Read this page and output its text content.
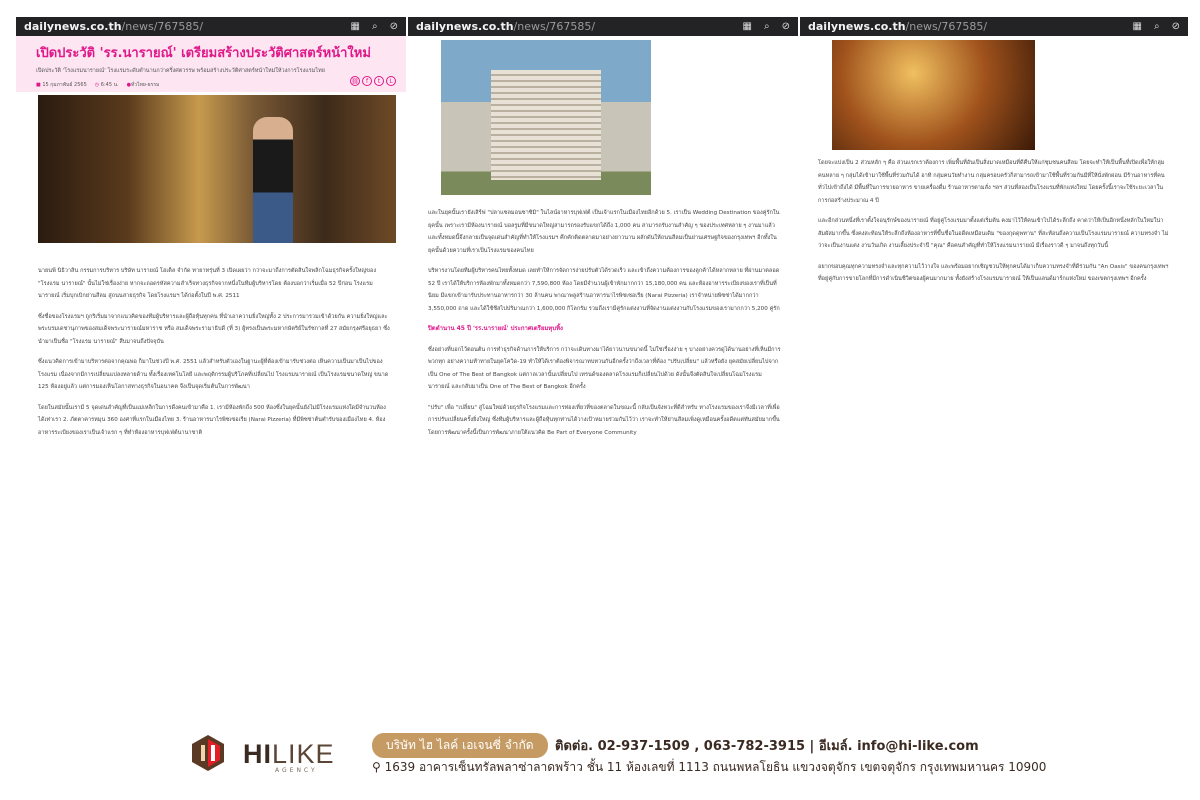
dailynews.co.th /news/767585/	▦ ⌕ ⊘
เปิดประวัติ 'รร.นารายณ์' เตรียมสร้างประวัติศาสตร์หน้าใหม่
เปิดประวัติ 'โรงแรมนารายณ์' โรงแรมระดับตำนานกว่าครึ่งศตวรรษ พร้อมสร้างประวัติศาสตร์หน้าใหม่ให้วงการโรงแรมไทย
■ 15 กุมภาพันธ์ 2565 ◷ 6:45 น. ●ทั่วไทย-ธรรม
⛓	f	t	L

นายนพี นิธิวาสิน กรรมการบริหาร บริษัท นารายณ์ โฮเต็ล จำกัด ทายาทรุ่นที่ 3 เปิดเผยว่า กว่าจะมาถึงการตัดสินใจพลิกโฉมธุรกิจครั้งใหญ่ของ "โรงแรม นารายณ์" นั้นไม่ใช่เรื่องง่าย หากจะถอดรหัสความสำเร็จทางธุรกิจจากหนึ่งในทีมผู้บริหารโดย ต้องบอกว่าเริ่มเมื่อ 52 ปีก่อน โรงแรมนารายณ์ เริ่มบุกเบิกย่านสีลม สู่ถนนสายธุรกิจ โดยโรงแรมฯ ได้ก่อตั้งในปี พ.ศ. 2511

ซึ่งชื่อของโรงแรมฯ ถูกริเริ่มมาจากแนวคิดของทีมผู้บริหารและผู้ถือหุ้นทุกคน ที่นำเอาความยิ่งใหญ่ทั้ง 2 ประการมารวมเข้าด้วยกัน ความยิ่งใหญ่และพระบรมเดชานุภาพของสมเด็จพระนารายณ์มหาราช หรือ สมเด็จพระรามาธิบดี (ที่ 3) ผู้ทรงเป็นพระมหากษัตริย์ในรัชกาลที่ 27 สมัยกรุงศรีอยุธยา ซึ่งนำมาเป็นชื่อ "โรงแรม นารายณ์" สืบมาจนถึงปัจจุบัน

ซึ่งแนวคิดการเข้ามาบริหารต่อจากคุณพ่อ ก็มาในช่วงปี พ.ศ. 2551 แล้วสำหรับตัวเองในฐานะผู้ที่ต้องเข้ามารับช่วงต่อ เห็นความเป็นมาเป็นไปของโรงแรม เนื่องจากมีการเปลี่ยนแปลงหลายด้าน ทั้งเรื่องเทคโนโลยี และพฤติกรรมผู้บริโภคที่เปลี่ยนไป โรงแรมนารายณ์ เป็นโรงแรมขนาดใหญ่ ขนาด 125 ห้องอยู่แล้ว แต่การมองเห็นโอกาสทางธุรกิจในอนาคต จึงเป็นจุดเริ่มต้นในการพัฒนา

โดยในสมัยนั้นเรามี 5 จุดเด่นสำคัญที่เป็นแม่เหล็กในการดึงคนเข้ามาคือ 1. เรามีห้องพักถึง 500 ห้องซึ่งในยุคนั้นยังไม่มีโรงแรมแห่งใดมีจำนวนห้องได้เท่าเรา 2. ภัตตาคารหมุน 360 องศาที่แรกในเมืองไทย 3. ร้านอาหารนาไรพิซเซอเรีย (Narai Pizzeria) ที่มีพิซซ่าต้นตำรับของเมืองไทย 4. ห้องอาหารระเบียงของเราเป็นเจ้าแรก ๆ ที่ทำห้องอาหารบุฟเฟ่ต์นานาชาติ

dailynews.co.th /news/767585/	▦ ⌕ ⊘

และในยุคนั้นเรายังเสิร์ฟ "ปลาแซลมอนซาซิมิ" ในไลน์อาหารบุฟเฟ่ต์ เป็นเจ้าแรกในเมืองไทยอีกด้วย 5. เราเป็น Wedding Destination ของคู่รักในยุคนั้น เพราะเรามีห้องนารายณ์ บอลรูมที่มีขนาดใหญ่สามารถรองรับแขกได้ถึง 1,000 คน สามารถรับงานสำคัญ ๆ ของประเทศหลาย ๆ งานมาแล้ว และทั้งหมดนี้จึงกลายเป็นจุดเด่นสำคัญที่ทำให้โรงแรมฯ คึกคักติดตลาดมาอย่างยาวนาน ผลักดันให้ถนนสีลมเป็นย่านเศรษฐกิจของกรุงเทพฯ อีกทั้งในยุคนั้นด้วยความที่เราเป็นโรงแรมของคนไทย

บริหารงานโดยทีมผู้บริหารคนไทยทั้งหมด เลยทำให้การจัดการง่ายปรับตัวได้รวดเร็ว และเข้าถึงความต้องการของลูกค้าได้หลากหลาย ที่ผ่านมาตลอด 52 ปี เราได้ให้บริการห้องพักมาทั้งหมดกว่า 7,590,800 ห้อง โดยมีจำนวนผู้เข้าพักมากกว่า 15,180,000 คน และห้องอาหารระเบียงของเราที่เป็นที่นิยม มีแขกเข้ามารับประทานอาหารกว่า 30 ล้านคน พาณาพลูสร้านอาหารนาไรพิซเซอเรีย (Narai Pizzeria) เราจำหน่ายพิซซ่าได้มากกว่า 3,550,000 ถาด และได้ใช้ชีสไปปริมาณกว่า 1,600,000 กิโลกรัม รวมถึงเรามีคู่รักแต่งงานที่จัดงานแต่งงานกับโรงแรมของเรามากกว่า 5,200 คู่รัก

ปิดตำนาน 45 ปี 'รร.นารายณ์' ประกาศเตรียมทุบทิ้ง

ซึ่งอย่างที่บอกไว้ตอนต้น การทำธุรกิจด้านการให้บริการ กว่าจะเดินทางมาได้ยาวนานขนาดนี้ ไม่ใช่เรื่องง่าย ๆ บางอย่างควรดูได้นานอย่างที่เห็นมีการพวกทุก อย่างความท้าทายในยุคโควิด-19 ทำให้ได้เราต้องพิจารณาทบทวนกันอีกครั้งว่าถึงเวลาที่ต้อง "ปรับเปลี่ยน" แล้วหรือยัง ยุคสมัยเปลี่ยนไปจากเป็น One of The Best of Bangkok แต่กาลเวลานั้นเปลี่ยนไป เทรนด์ของตลาดโรงแรมก็เปลี่ยนไปด้วย ดังนั้นจึงตัดสินใจเปลี่ยนโฉมโรงแรมนารายณ์ และกลับมาเป็น One of The Best of Bangkok อีกครั้ง

"ปรับ" เพื่อ "เปลี่ยน" สู่โฉมใหม่ด้วยธุรกิจโรงแรมและการท่องเที่ยวที่ของตลาดในขณะนี้ กลับเป็นจังหวะที่ดีสำหรับ ทางโรงแรมของเราจึงมีเวลาที่เพื่อการปรับเปลี่ยนครั้งยิ่งใหญ่ ซึ่งทีมผู้บริหารและผู้ถือหุ้นทุกท่านได้วางเป้าหมายร่วมกันไว้ว่า เราจะทำให้ย่านสีลมเพิ่งดูเหมือนครั้งอดีตแต่ทันสมัยมากขึ้น โดยการพัฒนาครั้งนี้เป็นการพัฒนาภายใต้แนวคิด Be Part of Everyone Community

dailynews.co.th /news/767585/	▦ ⌕ ⊘

โดยจะแบ่งเป็น 2 ส่วนหลัก ๆ คือ ส่วนแรกเราต้องการ เพิ่มพื้นที่อันเป็นสิ่งมาดเหมือนที่ดีคืนให้แก่ชุมชนคนสีลม โดยจะทำให้เป็นพื้นที่เปิดเพื่อให้กลุ่มคนหลาย ๆ กลุ่มได้เข้ามาใช้พื้นที่ร่วมกันได้ อาทิ กลุ่มคนวัยทำงาน กลุ่มครอบครัวก็สามารถเข้ามาใช้พื้นที่ร่วมกันมีที่ให้นั่งพักผ่อน มีร้านอาหารที่คนทั่วไปเข้าถึงได้ มีพื้นที่ในการขายอาหาร ขายเครื่องดื่ม ร้านอาหารตามสั่ง ฯลฯ ส่วนที่สองเป็นโรงแรมที่พักแห่งใหม่ โดยครั้งนี้เราจะใช้ระยะเวลาในการก่อสร้างประมาณ 4 ปี

และอีกส่วนหนึ่งที่เราตั้งใจอนุรักษ์ของนารายณ์ ที่อยู่คู่โรงแรมมาตั้งแต่เริ่มต้น คงมาไว้ให้คนเข้าไปได้ระลึกถึง คาดว่าให้เป็นอีกหนึ่งหลักในใหม่ใน่าสัมผัสมากขึ้น ซึ่งคงสะท้อนให้ระลึกถึงห้องอาหารที่ขึ้นชื่อในอดีตเหมือนเดิม "ของกุดดุพทาน" ที่สะท้อนถึงความเป็นโรงแรมนารายณ์ ความทรงจำ ไม่ว่าจะเป็นงานแต่ง งานวันเกิด งานเลี้ยงประจำปี "คุณ" คือคนสำคัญที่ทำให้โรงแรมนารายณ์ มีเรื่องราวดี ๆ มาจนถึงทุกวันนี้

อยากขอบคุณทุกความทรงจำและทุกความไว้วางใจ และพร้อมอยากเชิญชวนให้ทุกคนได้มาเก็บความทรงจำที่ดีร่วมกัน "An Oasis" ของคนกรุงเทพฯ ที่อยู่คู่กับการขายโลกที่มีการดำเนินชีวิตของผู้คนมากมาย ทั้งยังสร้างโรงแรมนารายณ์ ให้เป็นแลนด์มาร์กแห่งใหม่ ของเขตกรุงเทพฯ อีกครั้ง

HILIKE
AGENCY
บริษัท ไฮ ไลค์ เอเจนซี่ จำกัด	ติดต่อ. 02-937-1509 , 063-782-3915 | อีเมล์. info@hi-like.com
⚲ 1639 อาคารเซ็นทรัลพลาซ่าลาดพร้าว ชั้น 11 ห้องเลขที่ 1113 ถนนพหลโยธิน แขวงจตุจักร เขตจตุจักร กรุงเทพมหานคร 10900
